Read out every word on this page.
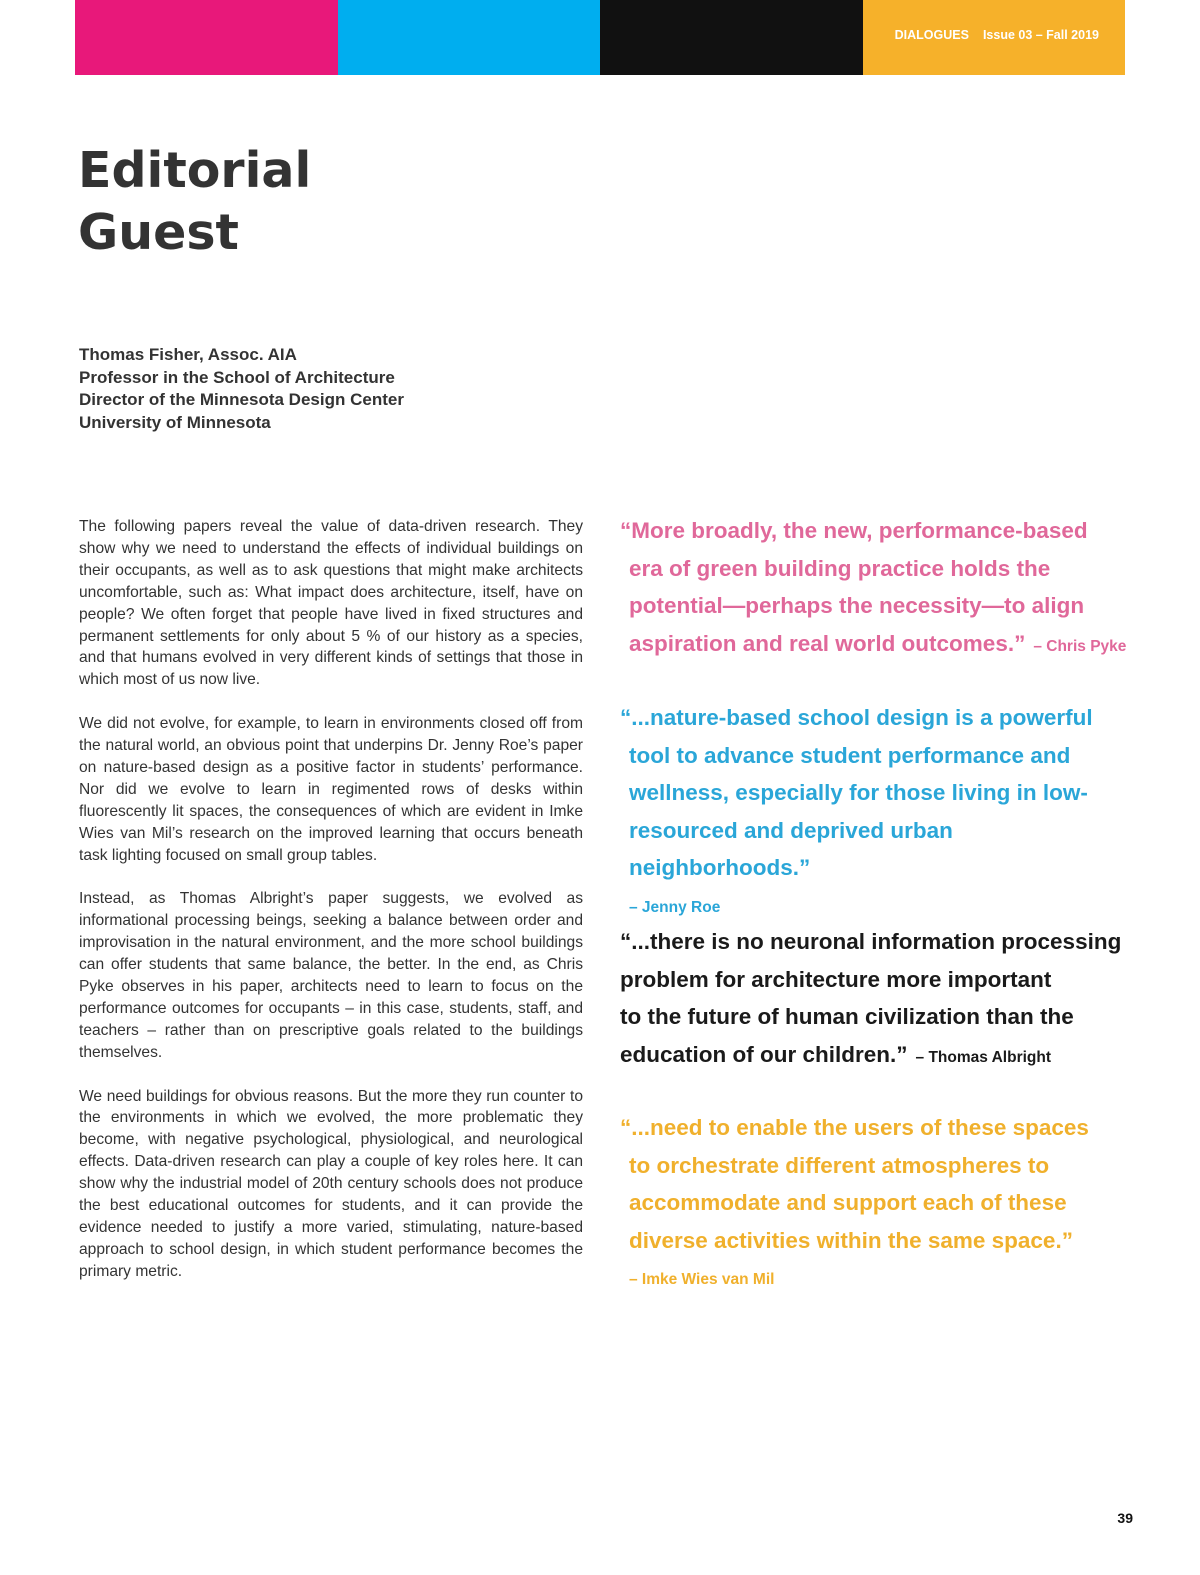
DIALOGUES Issue 03 – Fall 2019
Editorial
Guest
Thomas Fisher, Assoc. AIA
Professor in the School of Architecture
Director of the Minnesota Design Center
University of Minnesota

The following papers reveal the value of data-driven research. They show why we need to understand the effects of individual buildings on their occupants, as well as to ask questions that might make architects uncomfortable, such as: What impact does architecture, itself, have on people? We often forget that people have lived in fixed structures and permanent settlements for only about 5 % of our history as a species, and that humans evolved in very different kinds of settings that those in which most of us now live.

We did not evolve, for example, to learn in environments closed off from the natural world, an obvious point that underpins Dr. Jenny Roe’s paper on nature-based design as a positive factor in students’ performance. Nor did we evolve to learn in regimented rows of desks within fluorescently lit spaces, the consequences of which are evident in Imke Wies van Mil’s research on the improved learning that occurs beneath task lighting focused on small group tables.

Instead, as Thomas Albright’s paper suggests, we evolved as informational processing beings, seeking a balance between order and improvisation in the natural environment, and the more school buildings can offer students that same balance, the better. In the end, as Chris Pyke observes in his paper, architects need to learn to focus on the performance outcomes for occupants – in this case, students, staff, and teachers – rather than on prescriptive goals related to the buildings themselves.

We need buildings for obvious reasons. But the more they run counter to the environments in which we evolved, the more problematic they become, with negative psychological, physiological, and neurological effects. Data-driven research can play a couple of key roles here. It can show why the industrial model of 20th century schools does not produce the best educational outcomes for students, and it can provide the evidence needed to justify a more varied, stimulating, nature-based approach to school design, in which student performance becomes the primary metric.

“More broadly, the new, performance-based
era of green building practice holds the
potential—perhaps the necessity—to align
aspiration and real world outcomes.” – Chris Pyke
“...nature-based school design is a powerful
tool to advance student performance and
wellness, especially for those living in low-
resourced and deprived urban neighborhoods.”
– Jenny Roe
“...there is no neuronal information processing
problem for architecture more important
to the future of human civilization than the
education of our children.” – Thomas Albright
“...need to enable the users of these spaces
to orchestrate different atmospheres to
accommodate and support each of these
diverse activities within the same space.”
– Imke Wies van Mil
39
